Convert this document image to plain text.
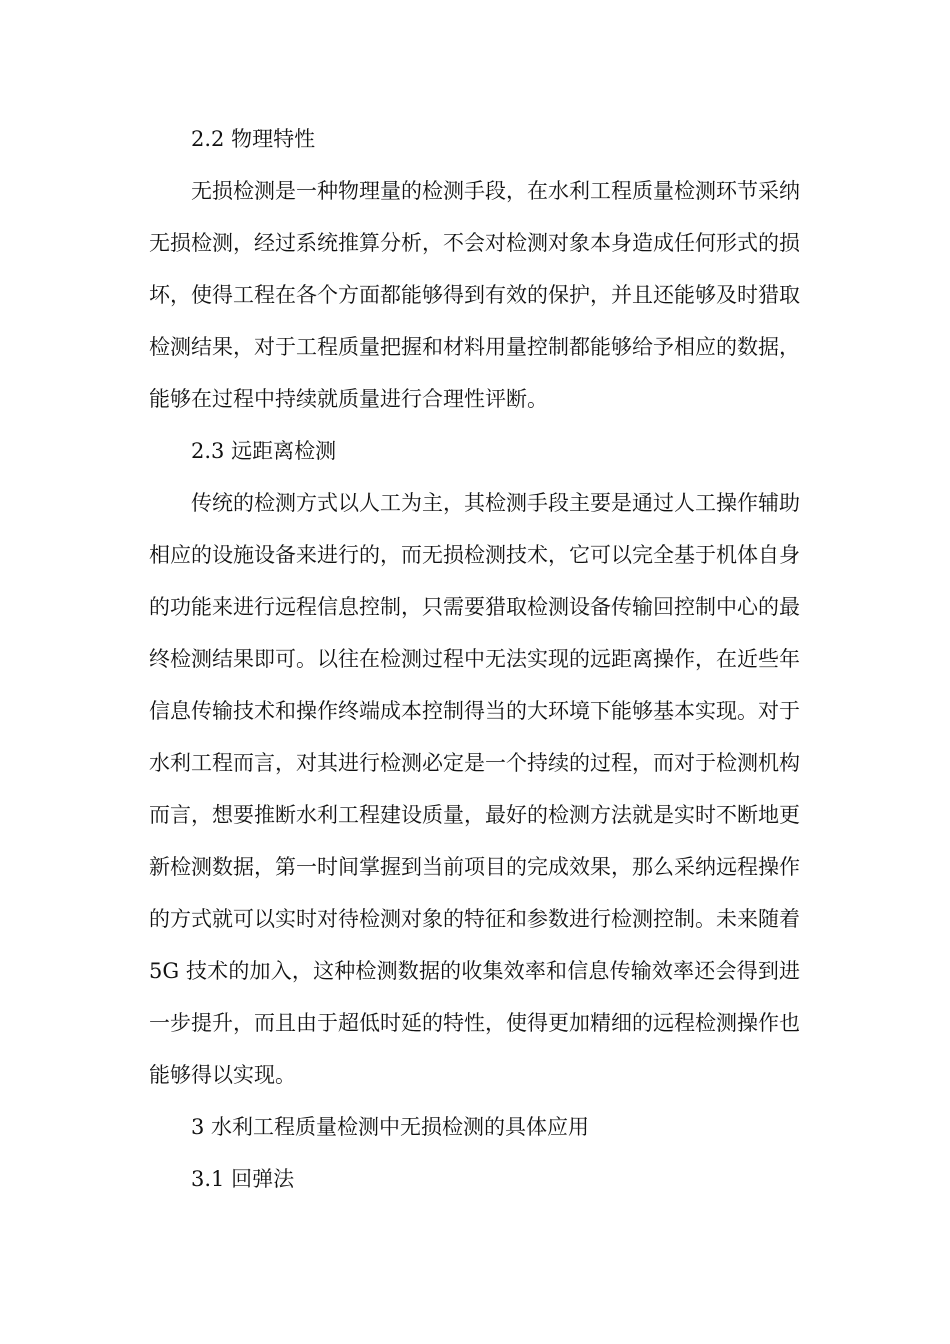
2.2 物理特性

无损检测是一种物理量的检测手段，在水利工程质量检测环节采纳无损检测，经过系统推算分析，不会对检测对象本身造成任何形式的损坏，使得工程在各个方面都能够得到有效的保护，并且还能够及时猎取检测结果，对于工程质量把握和材料用量控制都能够给予相应的数据，能够在过程中持续就质量进行合理性评断。

2.3 远距离检测

传统的检测方式以人工为主，其检测手段主要是通过人工操作辅助相应的设施设备来进行的，而无损检测技术，它可以完全基于机体自身的功能来进行远程信息控制，只需要猎取检测设备传输回控制中心的最终检测结果即可。以往在检测过程中无法实现的远距离操作，在近些年信息传输技术和操作终端成本控制得当的大环境下能够基本实现。对于水利工程而言，对其进行检测必定是一个持续的过程，而对于检测机构而言，想要推断水利工程建设质量，最好的检测方法就是实时不断地更新检测数据，第一时间掌握到当前项目的完成效果，那么采纳远程操作的方式就可以实时对待检测对象的特征和参数进行检测控制。未来随着 5G 技术的加入，这种检测数据的收集效率和信息传输效率还会得到进一步提升，而且由于超低时延的特性，使得更加精细的远程检测操作也能够得以实现。

3 水利工程质量检测中无损检测的具体应用
3.1 回弹法
